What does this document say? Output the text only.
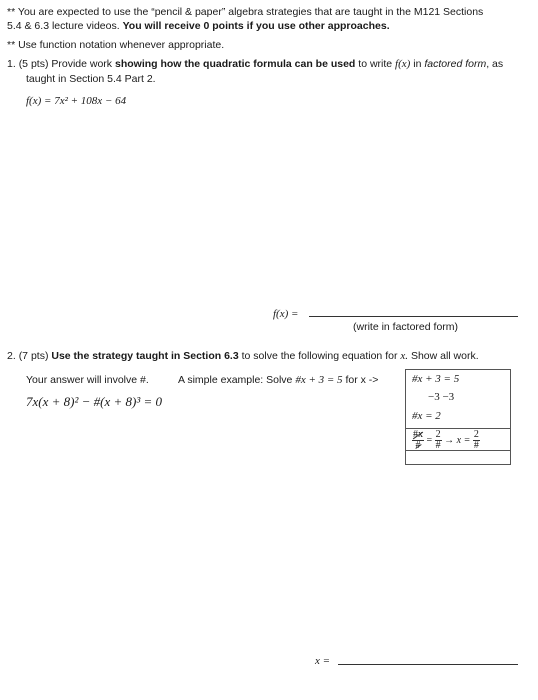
** You are expected to use the “pencil & paper” algebra strategies that are taught in the M121 Sections
5.4 & 6.3 lecture videos. You will receive 0 points if you use other approaches.
** Use function notation whenever appropriate.
1. (5 pts) Provide work showing how the quadratic formula can be used to write f(x) in factored form, as
taught in Section 5.4 Part 2.
f(x) = 7x² + 108x − 64
f(x) =
(write in factored form)
2. (7 pts) Use the strategy taught in Section 6.3 to solve the following equation for x. Show all work.
Your answer will involve #.	A simple example: Solve #x + 3 = 5 for x ->
7x(x + 8)² − #(x + 8)³ = 0
#x + 3 = 5
−3 −3
#x = 2
$\frac{\#x}{\#} = \frac{2}{\#} \to x = \frac{2}{\#}$
x =
